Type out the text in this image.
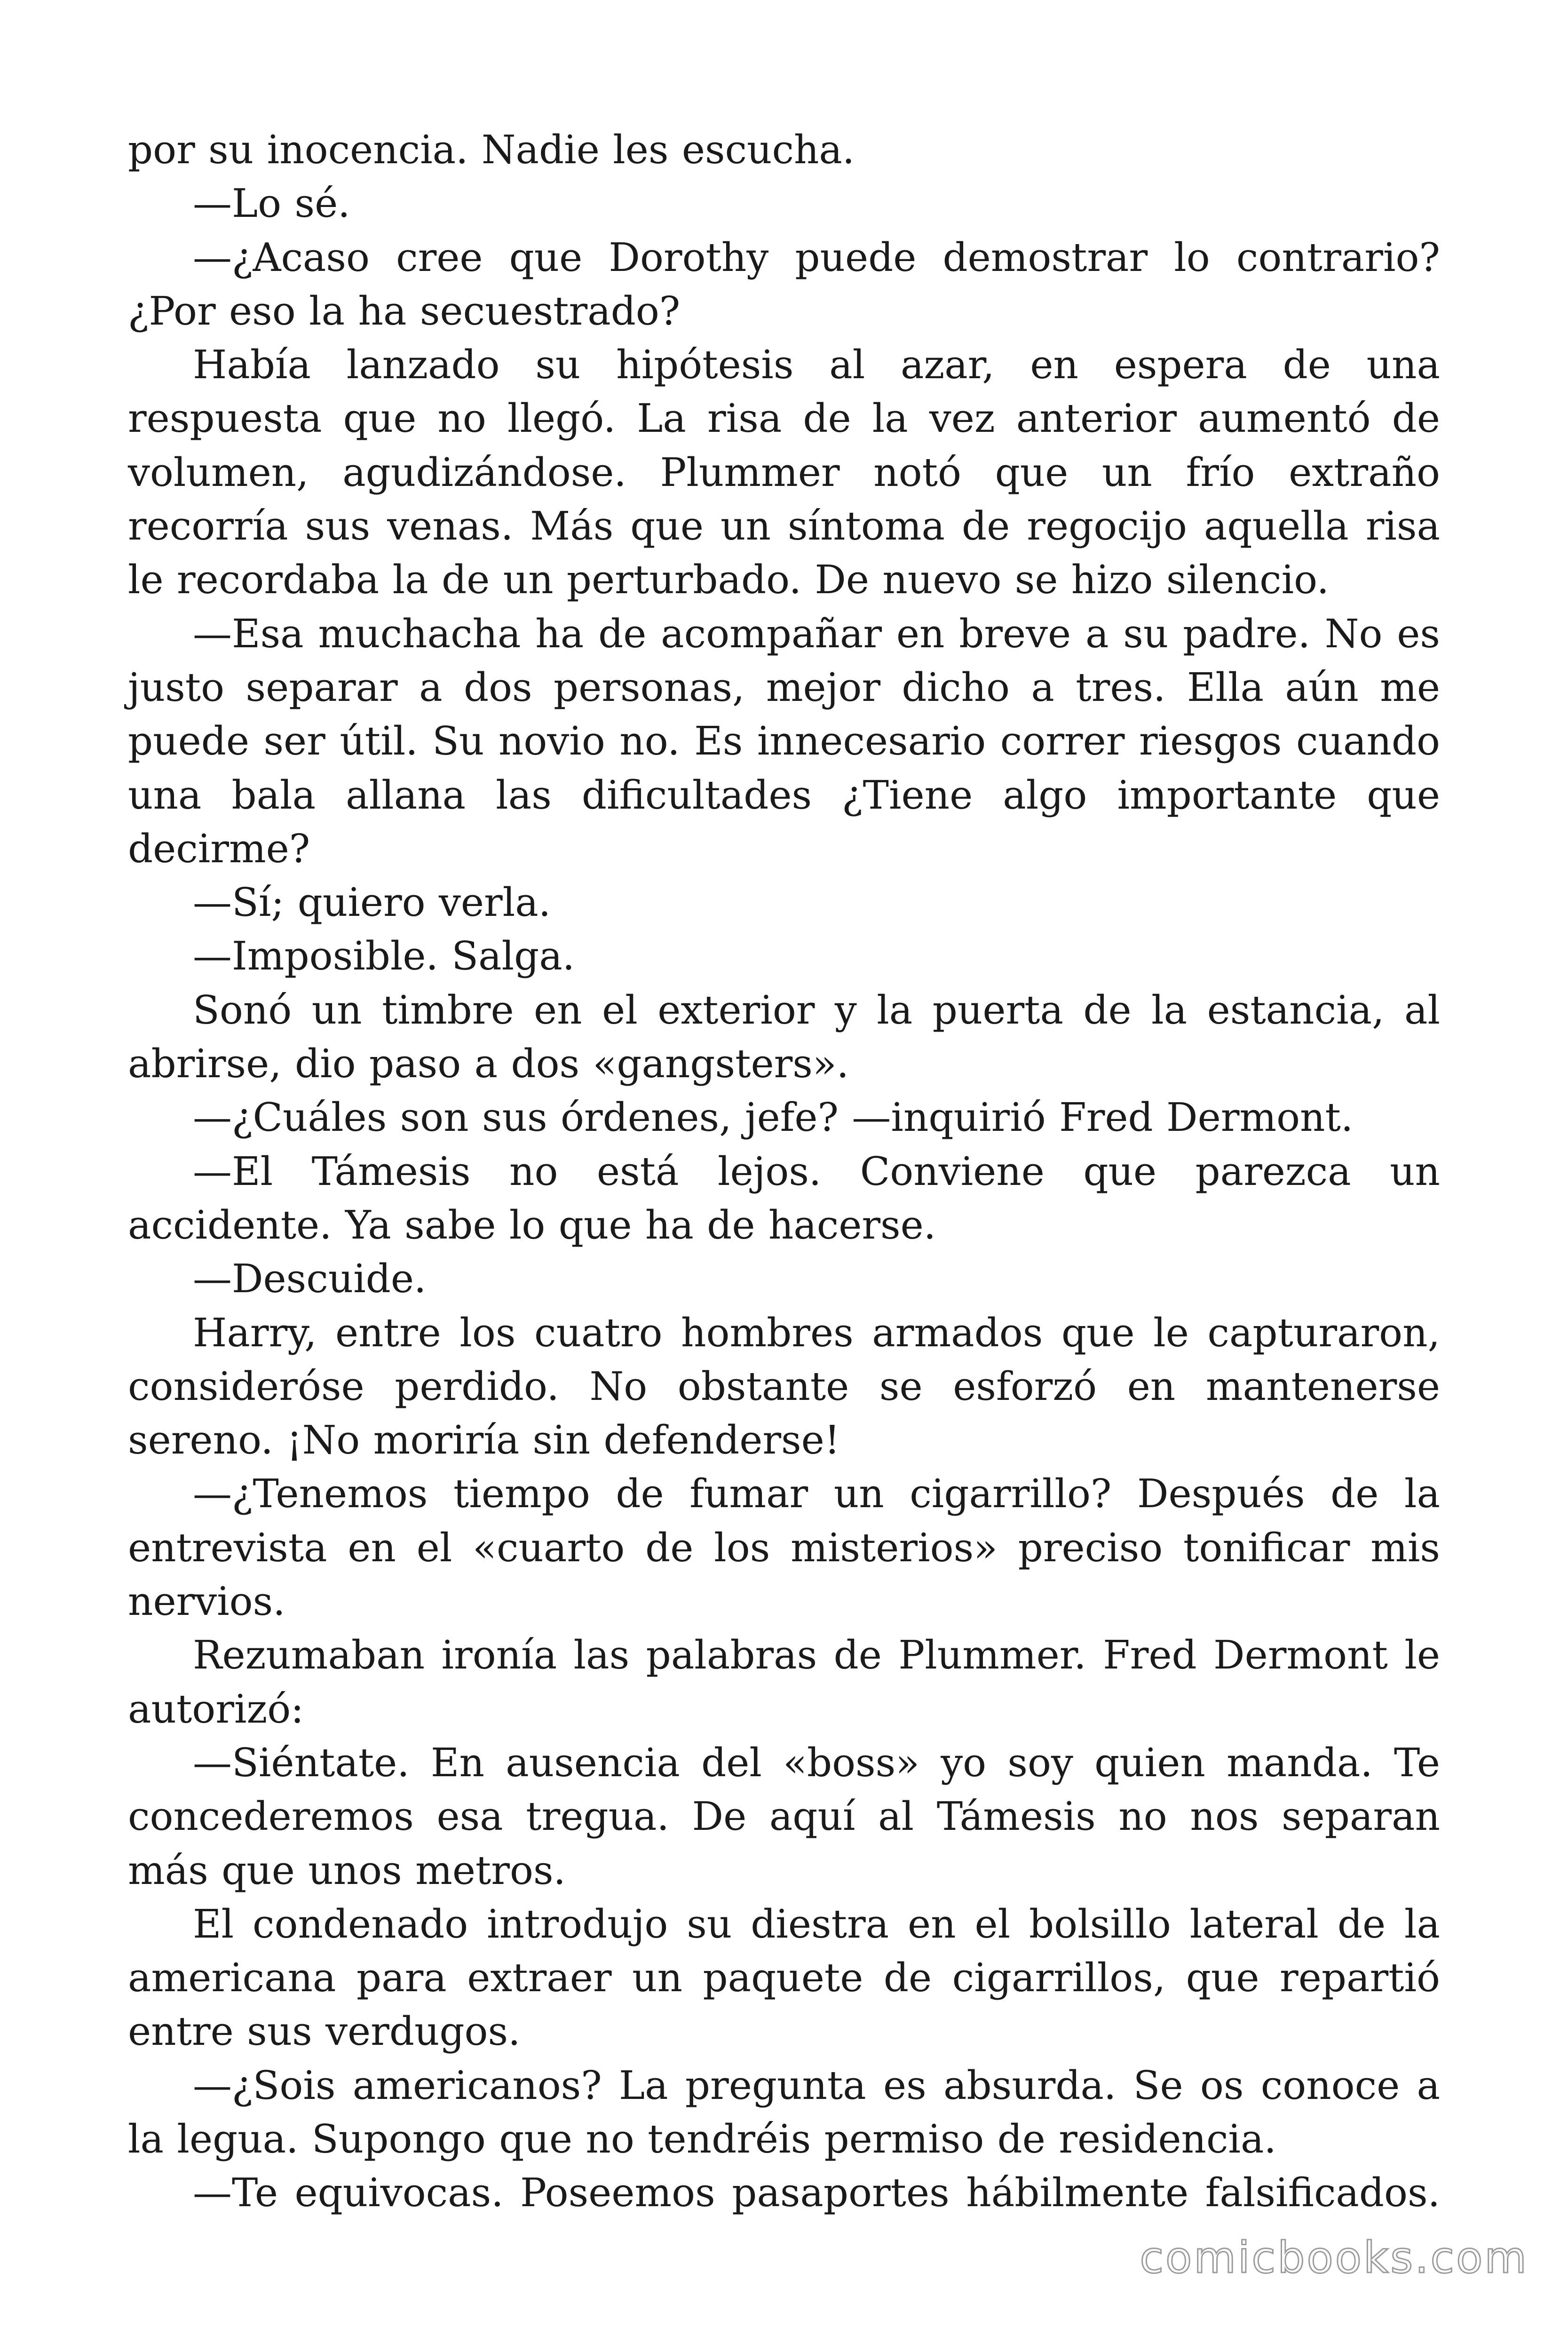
por su inocencia. Nadie les escucha.

—Lo sé.

—¿Acaso cree que Dorothy puede demostrar lo contrario? ¿Por eso la ha secuestrado?

Había lanzado su hipótesis al azar, en espera de una respuesta que no llegó. La risa de la vez anterior aumentó de volumen, agudizándose. Plummer notó que un frío extraño recorría sus venas. Más que un síntoma de regocijo aquella risa le recordaba la de un perturbado. De nuevo se hizo silencio.

—Esa muchacha ha de acompañar en breve a su padre. No es justo separar a dos personas, mejor dicho a tres. Ella aún me puede ser útil. Su novio no. Es innecesario correr riesgos cuando una bala allana las dificultades ¿Tiene algo importante que decirme?

—Sí; quiero verla.

—Imposible. Salga.

Sonó un timbre en el exterior y la puerta de la estancia, al abrirse, dio paso a dos «gangsters».

—¿Cuáles son sus órdenes, jefe? —inquirió Fred Dermont.

—El Támesis no está lejos. Conviene que parezca un accidente. Ya sabe lo que ha de hacerse.

—Descuide.

Harry, entre los cuatro hombres armados que le capturaron, consideróse perdido. No obstante se esforzó en mantenerse sereno. ¡No moriría sin defenderse!

—¿Tenemos tiempo de fumar un cigarrillo? Después de la entrevista en el «cuarto de los misterios» preciso tonificar mis nervios.

Rezumaban ironía las palabras de Plummer. Fred Dermont le autorizó:

—Siéntate. En ausencia del «boss» yo soy quien manda. Te concederemos esa tregua. De aquí al Támesis no nos separan más que unos metros.

El condenado introdujo su diestra en el bolsillo lateral de la americana para extraer un paquete de cigarrillos, que repartió entre sus verdugos.

—¿Sois americanos? La pregunta es absurda. Se os conoce a la legua. Supongo que no tendréis permiso de residencia.

—Te equivocas. Poseemos pasaportes hábilmente falsificados.

comicbooks.com
